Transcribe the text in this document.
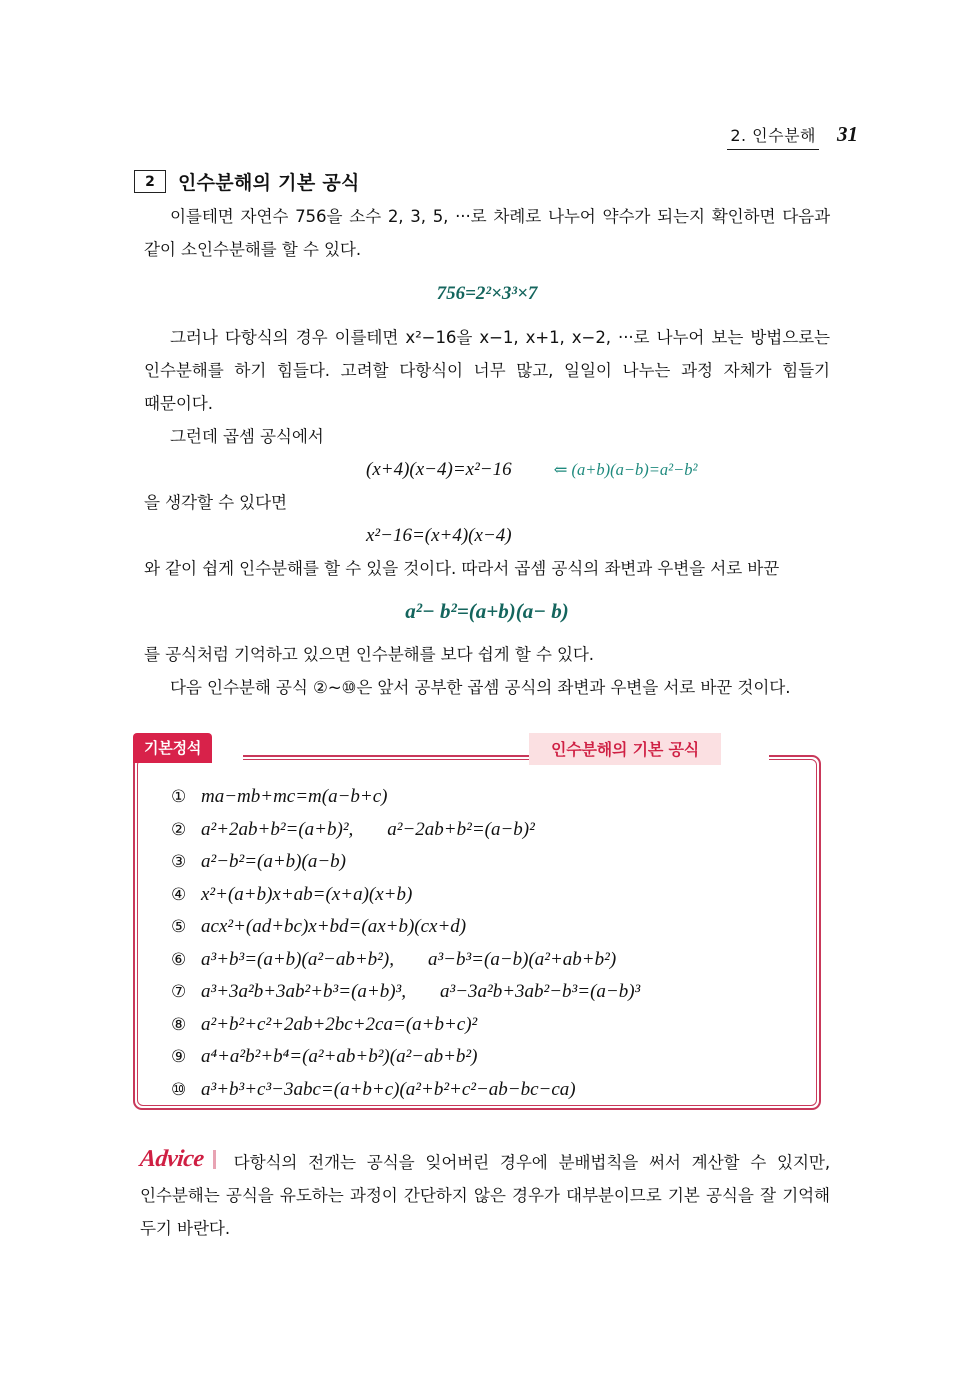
2. 인수분해 31
2	인수분해의 기본 공식

이를테면 자연수 756을 소수 2, 3, 5, ···로 차례로 나누어 약수가 되는지 확인하면 다음과 같이 소인수분해를 할 수 있다.

756=2²×3³×7

그러나 다항식의 경우 이를테면 x²−16을 x−1, x+1, x−2, ···로 나누어 보는 방법으로는 인수분해를 하기 힘들다. 고려할 다항식이 너무 많고, 일일이 나누는 과정 자체가 힘들기 때문이다.

그런데 곱셈 공식에서

(x+4)(x−4)=x²−16	⇐ (a+b)(a−b)=a²−b²

을 생각할 수 있다면

x²−16=(x+4)(x−4)

와 같이 쉽게 인수분해를 할 수 있을 것이다. 따라서 곱셈 공식의 좌변과 우변을 서로 바꾼

a²− b²=(a+b)(a− b)

를 공식처럼 기억하고 있으면 인수분해를 보다 쉽게 할 수 있다.

다음 인수분해 공식 ②~⑩은 앞서 공부한 곱셈 공식의 좌변과 우변을 서로 바꾼 것이다.

기본정석	인수분해의 기본 공식
① ma−mb+mc=m(a−b+c)
② a²+2ab+b²=(a+b)², a²−2ab+b²=(a−b)²
③ a²−b²=(a+b)(a−b)
④ x²+(a+b)x+ab=(x+a)(x+b)
⑤ acx²+(ad+bc)x+bd=(ax+b)(cx+d)
⑥ a³+b³=(a+b)(a²−ab+b²), a³−b³=(a−b)(a²+ab+b²)
⑦ a³+3a²b+3ab²+b³=(a+b)³, a³−3a²b+3ab²−b³=(a−b)³
⑧ a²+b²+c²+2ab+2bc+2ca=(a+b+c)²
⑨ a⁴+a²b²+b⁴=(a²+ab+b²)(a²−ab+b²)
⑩ a³+b³+c³−3abc=(a+b+c)(a²+b²+c²−ab−bc−ca)
Advice	다항식의 전개는 공식을 잊어버린 경우에 분배법칙을 써서 계산할 수 있지만, 인수분해는 공식을 유도하는 과정이 간단하지 않은 경우가 대부분이므로 기본 공식을 잘 기억해 두기 바란다.
